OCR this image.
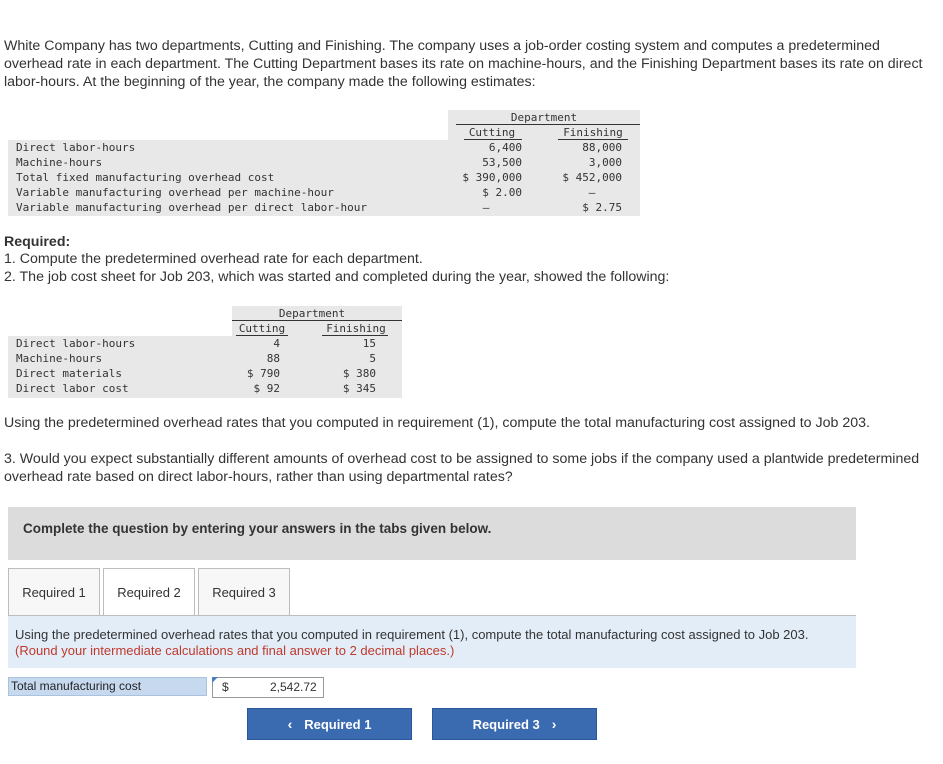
White Company has two departments, Cutting and Finishing. The company uses a job-order costing system and computes a predetermined overhead rate in each department. The Cutting Department bases its rate on machine-hours, and the Finishing Department bases its rate on direct labor-hours. At the beginning of the year, the company made the following estimates:
Department
Cutting	Finishing
Direct labor-hours	6,400	88,000
Machine-hours	53,500	3,000
Total fixed manufacturing overhead cost	$ 390,000	$ 452,000
Variable manufacturing overhead per machine-hour	$ 2.00	–
Variable manufacturing overhead per direct labor-hour	–	$ 2.75
Required:
1. Compute the predetermined overhead rate for each department.
2. The job cost sheet for Job 203, which was started and completed during the year, showed the following:
Department
Cutting	Finishing
Direct labor-hours	4	15
Machine-hours	88	5
Direct materials	$ 790	$ 380
Direct labor cost	$ 92	$ 345
Using the predetermined overhead rates that you computed in requirement (1), compute the total manufacturing cost assigned to Job 203.
3. Would you expect substantially different amounts of overhead cost to be assigned to some jobs if the company used a plantwide predetermined overhead rate based on direct labor-hours, rather than using departmental rates?
Complete the question by entering your answers in the tabs given below.
Required 1 Required 2 Required 3
Using the predetermined overhead rates that you computed in requirement (1), compute the total manufacturing cost assigned to Job 203. (Round your intermediate calculations and final answer to 2 decimal places.)
Total manufacturing cost	$	2,542.72
‹ Required 1	Required 3 ›
